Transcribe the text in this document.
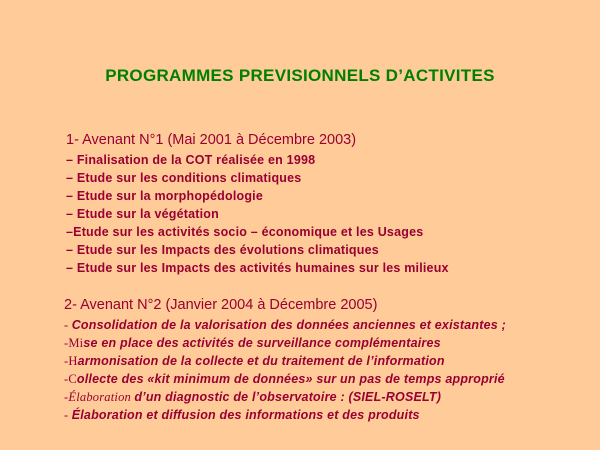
PROGRAMMES PREVISIONNELS D’ACTIVITES
1- Avenant N°1 (Mai 2001 à Décembre 2003)
– Finalisation de la COT réalisée en 1998
– Etude sur les conditions climatiques
– Etude sur la morphopédologie
– Etude sur la végétation
–Etude sur les activités socio – économique et les Usages
– Etude sur les Impacts des évolutions climatiques
– Etude sur les Impacts des activités humaines sur les milieux
2- Avenant N°2 (Janvier 2004 à Décembre 2005)
- Consolidation de la valorisation des données anciennes et existantes ;
-Mise en place des activités de surveillance complémentaires
-Harmonisation de la collecte et du traitement de l’information
-Collecte des «kit minimum de données» sur un pas de temps approprié
-Élaboration d’un diagnostic de l’observatoire : (SIEL-ROSELT)
- Élaboration et diffusion des informations et des produits
